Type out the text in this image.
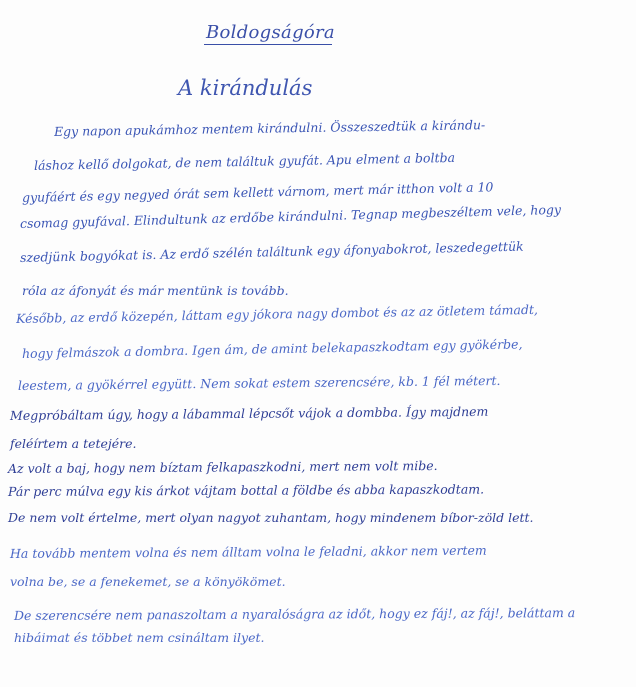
Boldogságóra
A kirándulás
Egy napon apukámhoz mentem kirándulni. Összeszedtük a kirándu-
láshoz kellő dolgokat, de nem találtuk gyufát. Apu elment a boltba
gyufáért és egy negyed órát sem kellett várnom, mert már itthon volt a 10
csomag gyufával. Elindultunk az erdőbe kirándulni. Tegnap megbeszéltem vele, hogy
szedjünk bogyókat is. Az erdő szélén találtunk egy áfonyabokrot, leszedegettük
róla az áfonyát és már mentünk is tovább.
Később, az erdő közepén, láttam egy jókora nagy dombot és az az ötletem támadt,
hogy felmászok a dombra. Igen ám, de amint belekapaszkodtam egy gyökérbe,
leestem, a gyökérrel együtt. Nem sokat estem szerencsére, kb. 1 fél métert.
Megpróbáltam úgy, hogy a lábammal lépcsőt vájok a dombba. Így majdnem
feléírtem a tetejére.
Az volt a baj, hogy nem bíztam felkapaszkodni, mert nem volt mibe.
Pár perc múlva egy kis árkot vájtam bottal a földbe és abba kapaszkodtam.
De nem volt értelme, mert olyan nagyot zuhantam, hogy mindenem bíbor-zöld lett.
Ha tovább mentem volna és nem álltam volna le feladni, akkor nem vertem
volna be, se a fenekemet, se a könyökömet.
De szerencsére nem panaszoltam a nyaralóságra az időt, hogy ez fáj!, az fáj!, beláttam a
hibáimat és többet nem csináltam ilyet.
